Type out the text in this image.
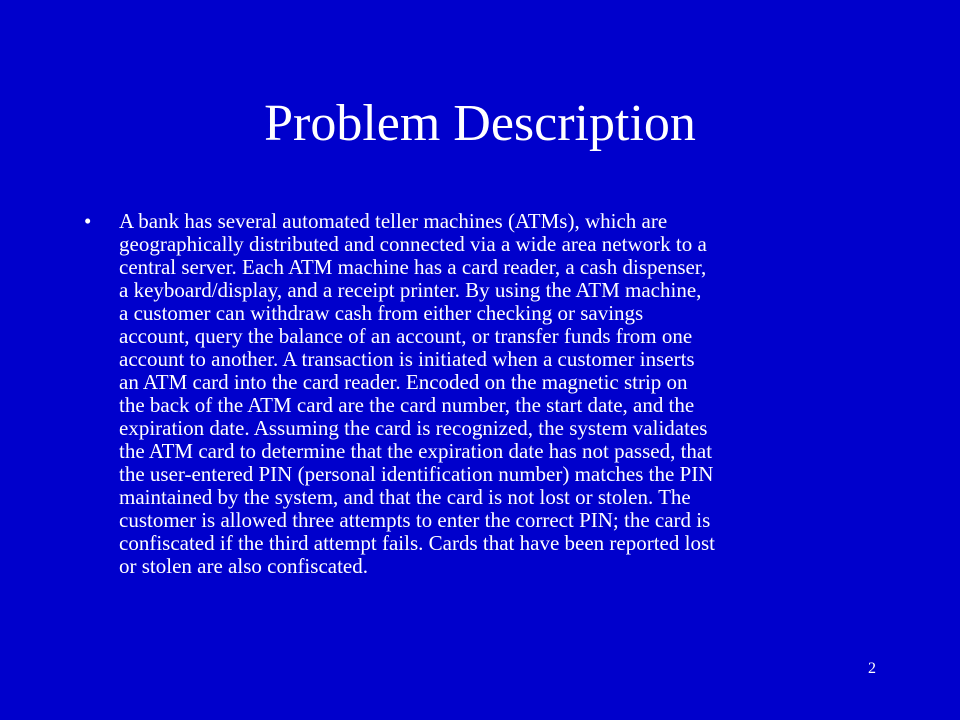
Problem Description
• A bank has several automated teller machines (ATMs), which are
geographically distributed and connected via a wide area network to a
central server. Each ATM machine has a card reader, a cash dispenser,
a keyboard/display, and a receipt printer. By using the ATM machine,
a customer can withdraw cash from either checking or savings
account, query the balance of an account, or transfer funds from one
account to another. A transaction is initiated when a customer inserts
an ATM card into the card reader. Encoded on the magnetic strip on
the back of the ATM card are the card number, the start date, and the
expiration date. Assuming the card is recognized, the system validates
the ATM card to determine that the expiration date has not passed, that
the user-entered PIN (personal identification number) matches the PIN
maintained by the system, and that the card is not lost or stolen. The
customer is allowed three attempts to enter the correct PIN; the card is
confiscated if the third attempt fails. Cards that have been reported lost
or stolen are also confiscated.
2
